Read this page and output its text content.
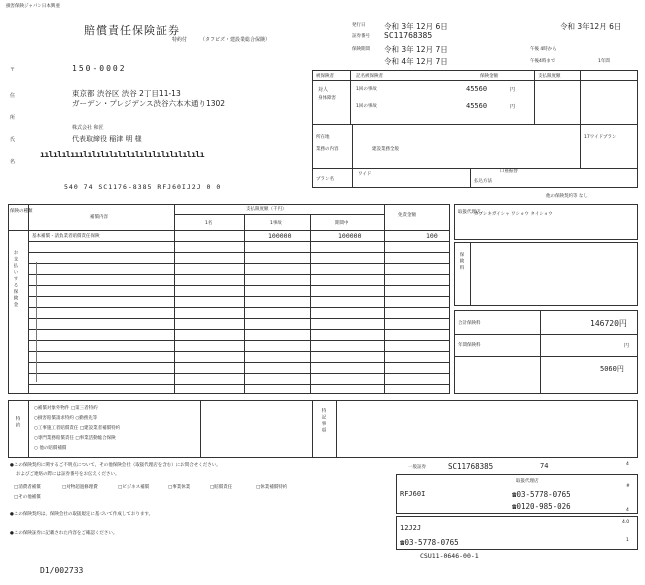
損害保険ジャパン日本興亜
賠償責任保険証券
特約付	（タフビズ・建設業総合保険）
〒
住
所
氏
名
150-0002
東京都 渋谷区 渋谷 2丁目11-13
ガーデン・プレジデンス渋谷六本木通り1302
株式会社 和匠
代表取締役 稲津 明 様
ıılılılııılılılılılılılılılılılılılılı
540 74 SC1176-8385 RFJ60IJ2J 0 0
発行日 令和 3年 12月 6日
証券番号 SC11768385
保険期間 令和 3年 12月 7日
令和 4年 12月 7日
令和 3年12月 6日
午後 4時から
午後4時まで	1年間
被保険者	記名被保険者	保険金額	支払限度額
対人
身体障害
1回の事故	45560	円
1回の事故	45560	円
所在地
業務の内容	建設業務全般
17ワイドプラン
プラン名
ワイド
払込方法
口座振替
他の保険契約等 なし
保険の種類
補償内容
支払限度額（千円）
1名	1事故	期間中
免責金額
お支払いする保険金
基本補償・請負業者賠償責任保険	100000	100000	100
取扱代理店
カブシキガイシャ ワショウ タイショウ
保険料
合計保険料	146720円
年間保険料	円
5060円
特約	特記事項
○補償対象外物件 □第三者特約
○損害賠償請求特約 ○勤務先等
○工事施工者賠償責任 □建設業者補償特約
○専門業務賠償責任 □事業活動総合保険
○ 他の賠償補償
●この保険契約に関するご不明点について、その他保険会社（取扱代理店を含む）にお問合せください。
およびご連絡の際には証券番号をお伝えください。
●この保険契約は、保険会社の取扱規定に基づいて作成しております。
●この保険証券に記載された内容をご確認ください。
□消費者補償	□対物超過修理費	□ビジネス補償	□事業休業	□賠償責任	□休業補償特約
□その他補償
D1/002733
一般証券	SC11768385	74
取扱代理店
RFJ60I	☎03-5778-0765
☎0120-985-026
12J2J
☎03-5778-0765
CSU11-0646-00-1
4
#
4
4.0
1
